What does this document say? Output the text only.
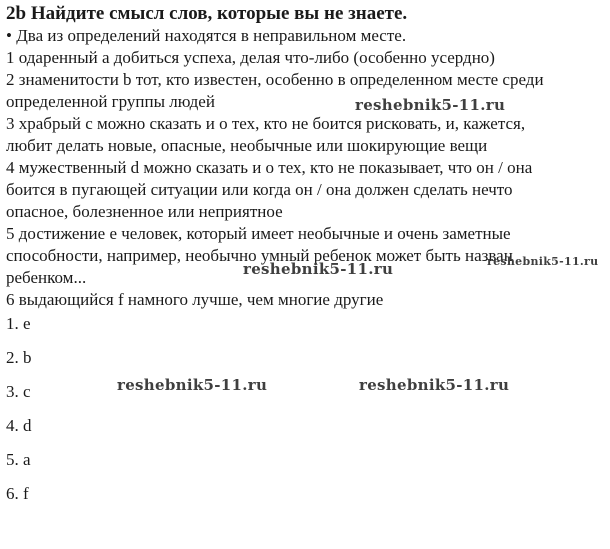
2b Найдите смысл слов, которые вы не знаете.
• Два из определений находятся в неправильном месте.
1 одаренный a добиться успеха, делая что-либо (особенно усердно)
2 знаменитости b тот, кто известен, особенно в определенном месте среди
определенной группы людей
3 храбрый c можно сказать и о тех, кто не боится рисковать, и, кажется,
любит делать новые, опасные, необычные или шокирующие вещи
4 мужественный d можно сказать и о тех, кто не показывает, что он / она
боится в пугающей ситуации или когда он / она должен сделать нечто
опасное, болезненное или неприятное
5 достижение e человек, который имеет необычные и очень заметные
способности, например, необычно умный ребенок может быть назван
ребенком...
6 выдающийся f намного лучше, чем многие другие
1. e
2. b
3. c
4. d
5. a
6. f
reshebnik5-11.ru
reshebnik5-11.ru	reshebnik5-11.ru
reshebnik5-11.ru	reshebnik5-11.ru
